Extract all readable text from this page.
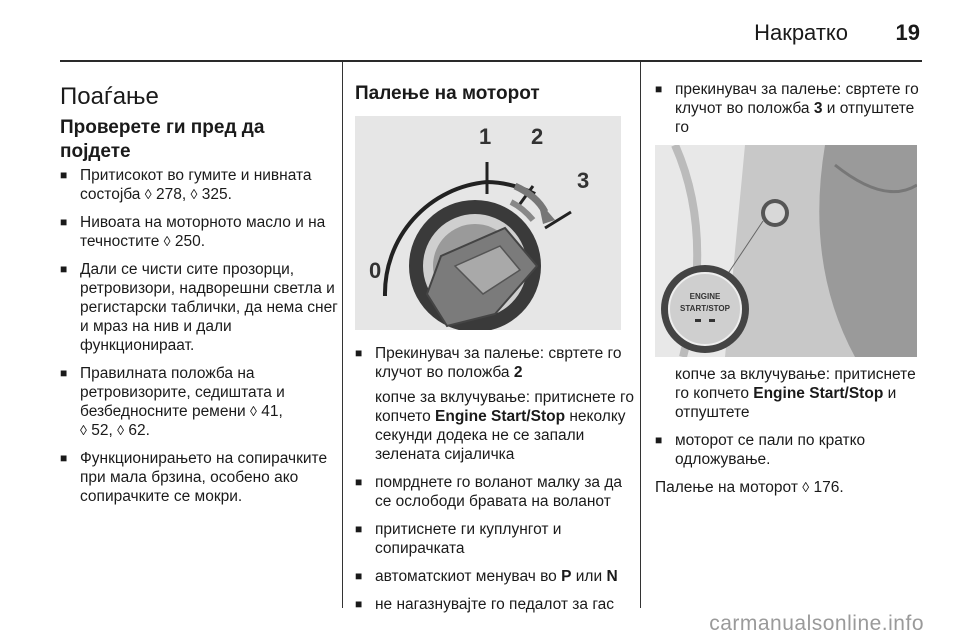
Накратко 19
Поаѓање
Проверете ги пред да појдете
■ Притисокот во гумите и нивната состојба ◊ 278, ◊ 325.
■ Нивоата на моторното масло и на течностите ◊ 250.
■ Дали се чисти сите прозорци, ретровизори, надворешни светла и регистарски таблички, да нема снег и мраз на нив и дали функционираат.
■ Правилната положба на ретровизорите, седиштата и безбедносните ремени ◊ 41,
◊ 52, ◊ 62.
■ Функционирањето на сопирачките при мала брзина, особено ако сопирачките се мокри.
Палење на моторот
0
1 2
3
■ Прекинувач за палење: свртете го клучот во положба 2
копче за вклучување: притиснете го копчето Engine Start/Stop неколку секунди додека не се запали зелената сијаличка
■ помрднете го воланот малку за да се ослободи бравата на воланот
■ притиснете ги куплунгот и сопирачката
■ автоматскиот менувач во P или N
■ не нагазнувајте го педалот за гас
■ прекинувач за палење: свртете го клучот во положба 3 и отпуштете го
ENGINE
START/STOP
копче за вклучување: притиснете го копчето Engine Start/Stop и отпуштете
■ моторот се пали по кратко одложување.
Палење на моторот ◊ 176.
carmanualsonline.info
